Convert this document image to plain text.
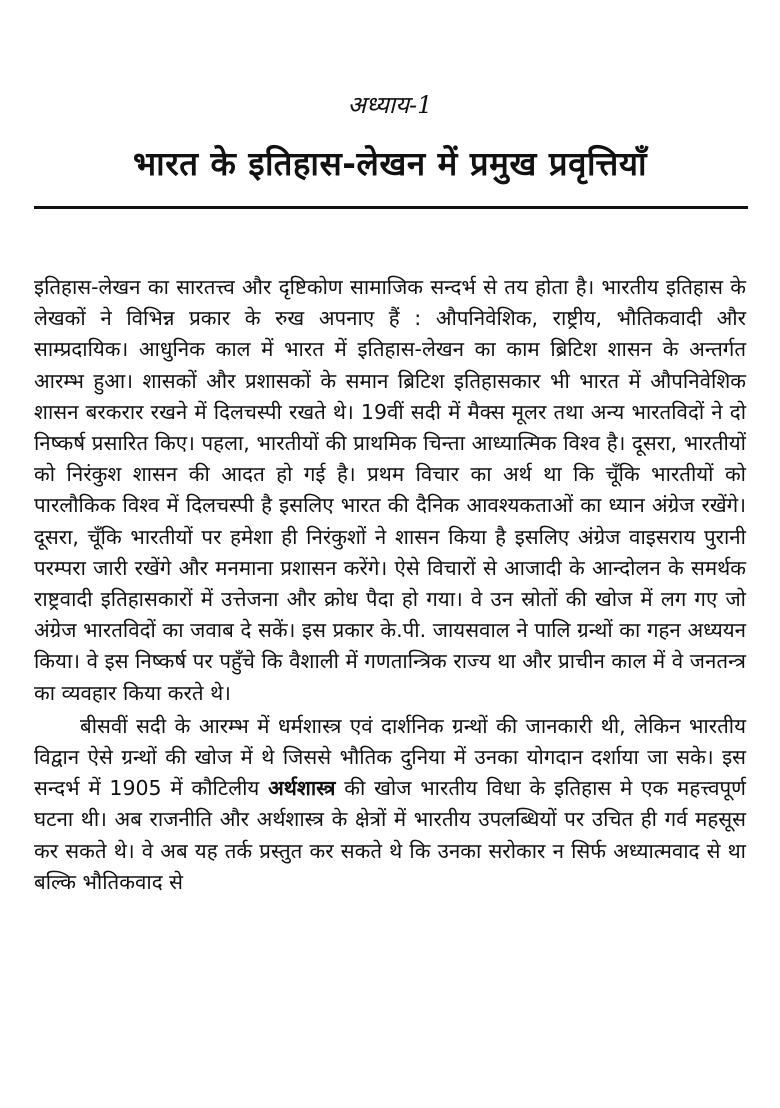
अध्याय-1
भारत के इतिहास-लेखन में प्रमुख प्रवृत्तियाँ

इतिहास-लेखन का सारतत्त्व और दृष्टिकोण सामाजिक सन्दर्भ से तय होता है। भारतीय इतिहास के लेखकों ने विभिन्न प्रकार के रुख अपनाए हैं : औपनिवेशिक, राष्ट्रीय, भौतिकवादी और साम्प्रदायिक। आधुनिक काल में भारत में इतिहास-लेखन का काम ब्रिटिश शासन के अन्तर्गत आरम्भ हुआ। शासकों और प्रशासकों के समान ब्रिटिश इतिहासकार भी भारत में औपनिवेशिक शासन बरकरार रखने में दिलचस्पी रखते थे। 19वीं सदी में मैक्स मूलर तथा अन्य भारतविदों ने दो निष्कर्ष प्रसारित किए। पहला, भारतीयों की प्राथमिक चिन्ता आध्यात्मिक विश्व है। दूसरा, भारतीयों को निरंकुश शासन की आदत हो गई है। प्रथम विचार का अर्थ था कि चूँकि भारतीयों को पारलौकिक विश्व में दिलचस्पी है इसलिए भारत की दैनिक आवश्यकताओं का ध्यान अंग्रेज रखेंगे। दूसरा, चूँकि भारतीयों पर हमेशा ही निरंकुशों ने शासन किया है इसलिए अंग्रेज वाइसराय पुरानी परम्परा जारी रखेंगे और मनमाना प्रशासन करेंगे। ऐसे विचारों से आजादी के आन्दोलन के समर्थक राष्ट्रवादी इतिहासकारों में उत्तेजना और क्रोध पैदा हो गया। वे उन स्रोतों की खोज में लग गए जो अंग्रेज भारतविदों का जवाब दे सकें। इस प्रकार के.पी. जायसवाल ने पालि ग्रन्थों का गहन अध्ययन किया। वे इस निष्कर्ष पर पहुँचे कि वैशाली में गणतान्त्रिक राज्य था और प्राचीन काल में वे जनतन्त्र का व्यवहार किया करते थे।

बीसवीं सदी के आरम्भ में धर्मशास्त्र एवं दार्शनिक ग्रन्थों की जानकारी थी, लेकिन भारतीय विद्वान ऐसे ग्रन्थों की खोज में थे जिससे भौतिक दुनिया में उनका योगदान दर्शाया जा सके। इस सन्दर्भ में 1905 में कौटिलीय अर्थशास्त्र की खोज भारतीय विधा के इतिहास मे एक महत्त्वपूर्ण घटना थी। अब राजनीति और अर्थशास्त्र के क्षेत्रों में भारतीय उपलब्धियों पर उचित ही गर्व महसूस कर सकते थे। वे अब यह तर्क प्रस्तुत कर सकते थे कि उनका सरोकार न सिर्फ अध्यात्मवाद से था बल्कि भौतिकवाद से
